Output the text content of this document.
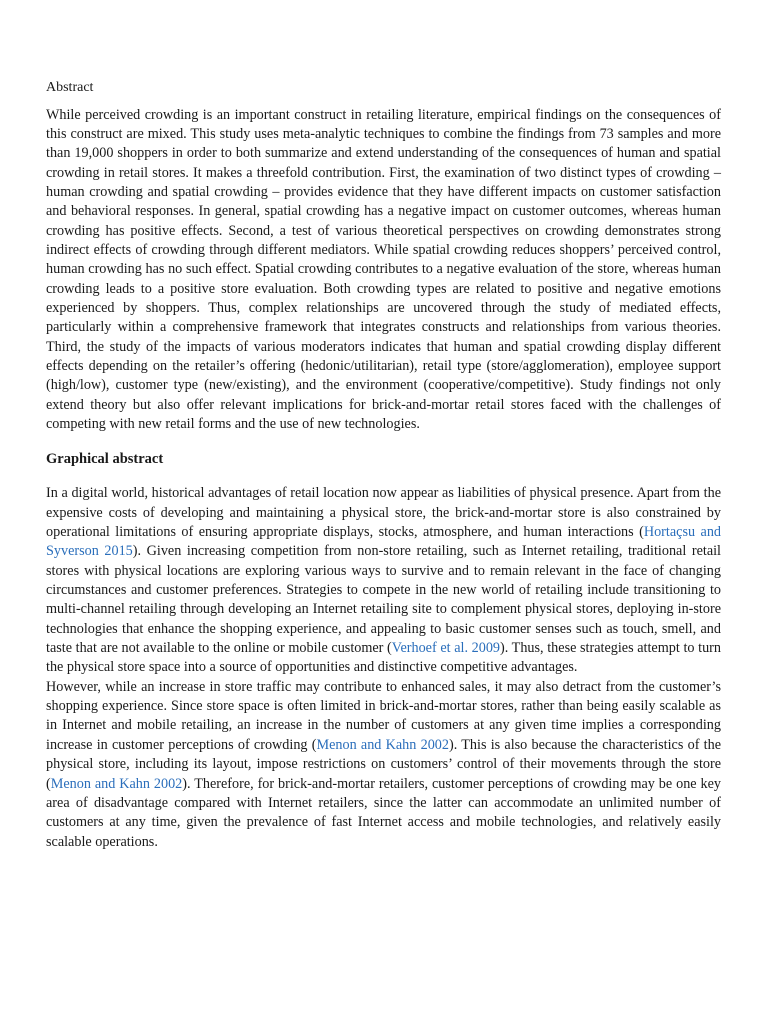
Abstract

While perceived crowding is an important construct in retailing literature, empirical findings on the consequences of this construct are mixed. This study uses meta-analytic techniques to combine the findings from 73 samples and more than 19,000 shoppers in order to both summarize and extend understanding of the consequences of human and spatial crowding in retail stores. It makes a threefold contribution. First, the examination of two distinct types of crowding – human crowding and spatial crowding – provides evidence that they have different impacts on customer satisfaction and behavioral responses. In general, spatial crowding has a negative impact on customer outcomes, whereas human crowding has positive effects. Second, a test of various theoretical perspectives on crowding demonstrates strong indirect effects of crowding through different mediators. While spatial crowding reduces shoppers’ perceived control, human crowding has no such effect. Spatial crowding contributes to a negative evaluation of the store, whereas human crowding leads to a positive store evaluation. Both crowding types are related to positive and negative emotions experienced by shoppers. Thus, complex relationships are uncovered through the study of mediated effects, particularly within a comprehensive framework that integrates constructs and relationships from various theories. Third, the study of the impacts of various moderators indicates that human and spatial crowding display different effects depending on the retailer’s offering (hedonic/utilitarian), retail type (store/agglomeration), employee support (high/low), customer type (new/existing), and the environment (cooperative/competitive). Study findings not only extend theory but also offer relevant implications for brick-and-mortar retail stores faced with the challenges of competing with new retail forms and the use of new technologies.

Graphical abstract

In a digital world, historical advantages of retail location now appear as liabilities of physical presence. Apart from the expensive costs of developing and maintaining a physical store, the brick-and-mortar store is also constrained by operational limitations of ensuring appropriate displays, stocks, atmosphere, and human interactions (Hortaçsu and Syverson 2015). Given increasing competition from non-store retailing, such as Internet retailing, traditional retail stores with physical locations are exploring various ways to survive and to remain relevant in the face of changing circumstances and customer preferences. Strategies to compete in the new world of retailing include transitioning to multi-channel retailing through developing an Internet retailing site to complement physical stores, deploying in-store technologies that enhance the shopping experience, and appealing to basic customer senses such as touch, smell, and taste that are not available to the online or mobile customer (Verhoef et al. 2009). Thus, these strategies attempt to turn the physical store space into a source of opportunities and distinctive competitive advantages.

However, while an increase in store traffic may contribute to enhanced sales, it may also detract from the customer’s shopping experience. Since store space is often limited in brick-and-mortar stores, rather than being easily scalable as in Internet and mobile retailing, an increase in the number of customers at any given time implies a corresponding increase in customer perceptions of crowding (Menon and Kahn 2002). This is also because the characteristics of the physical store, including its layout, impose restrictions on customers’ control of their movements through the store (Menon and Kahn 2002). Therefore, for brick-and-mortar retailers, customer perceptions of crowding may be one key area of disadvantage compared with Internet retailers, since the latter can accommodate an unlimited number of customers at any time, given the prevalence of fast Internet access and mobile technologies, and relatively easily scalable operations.
